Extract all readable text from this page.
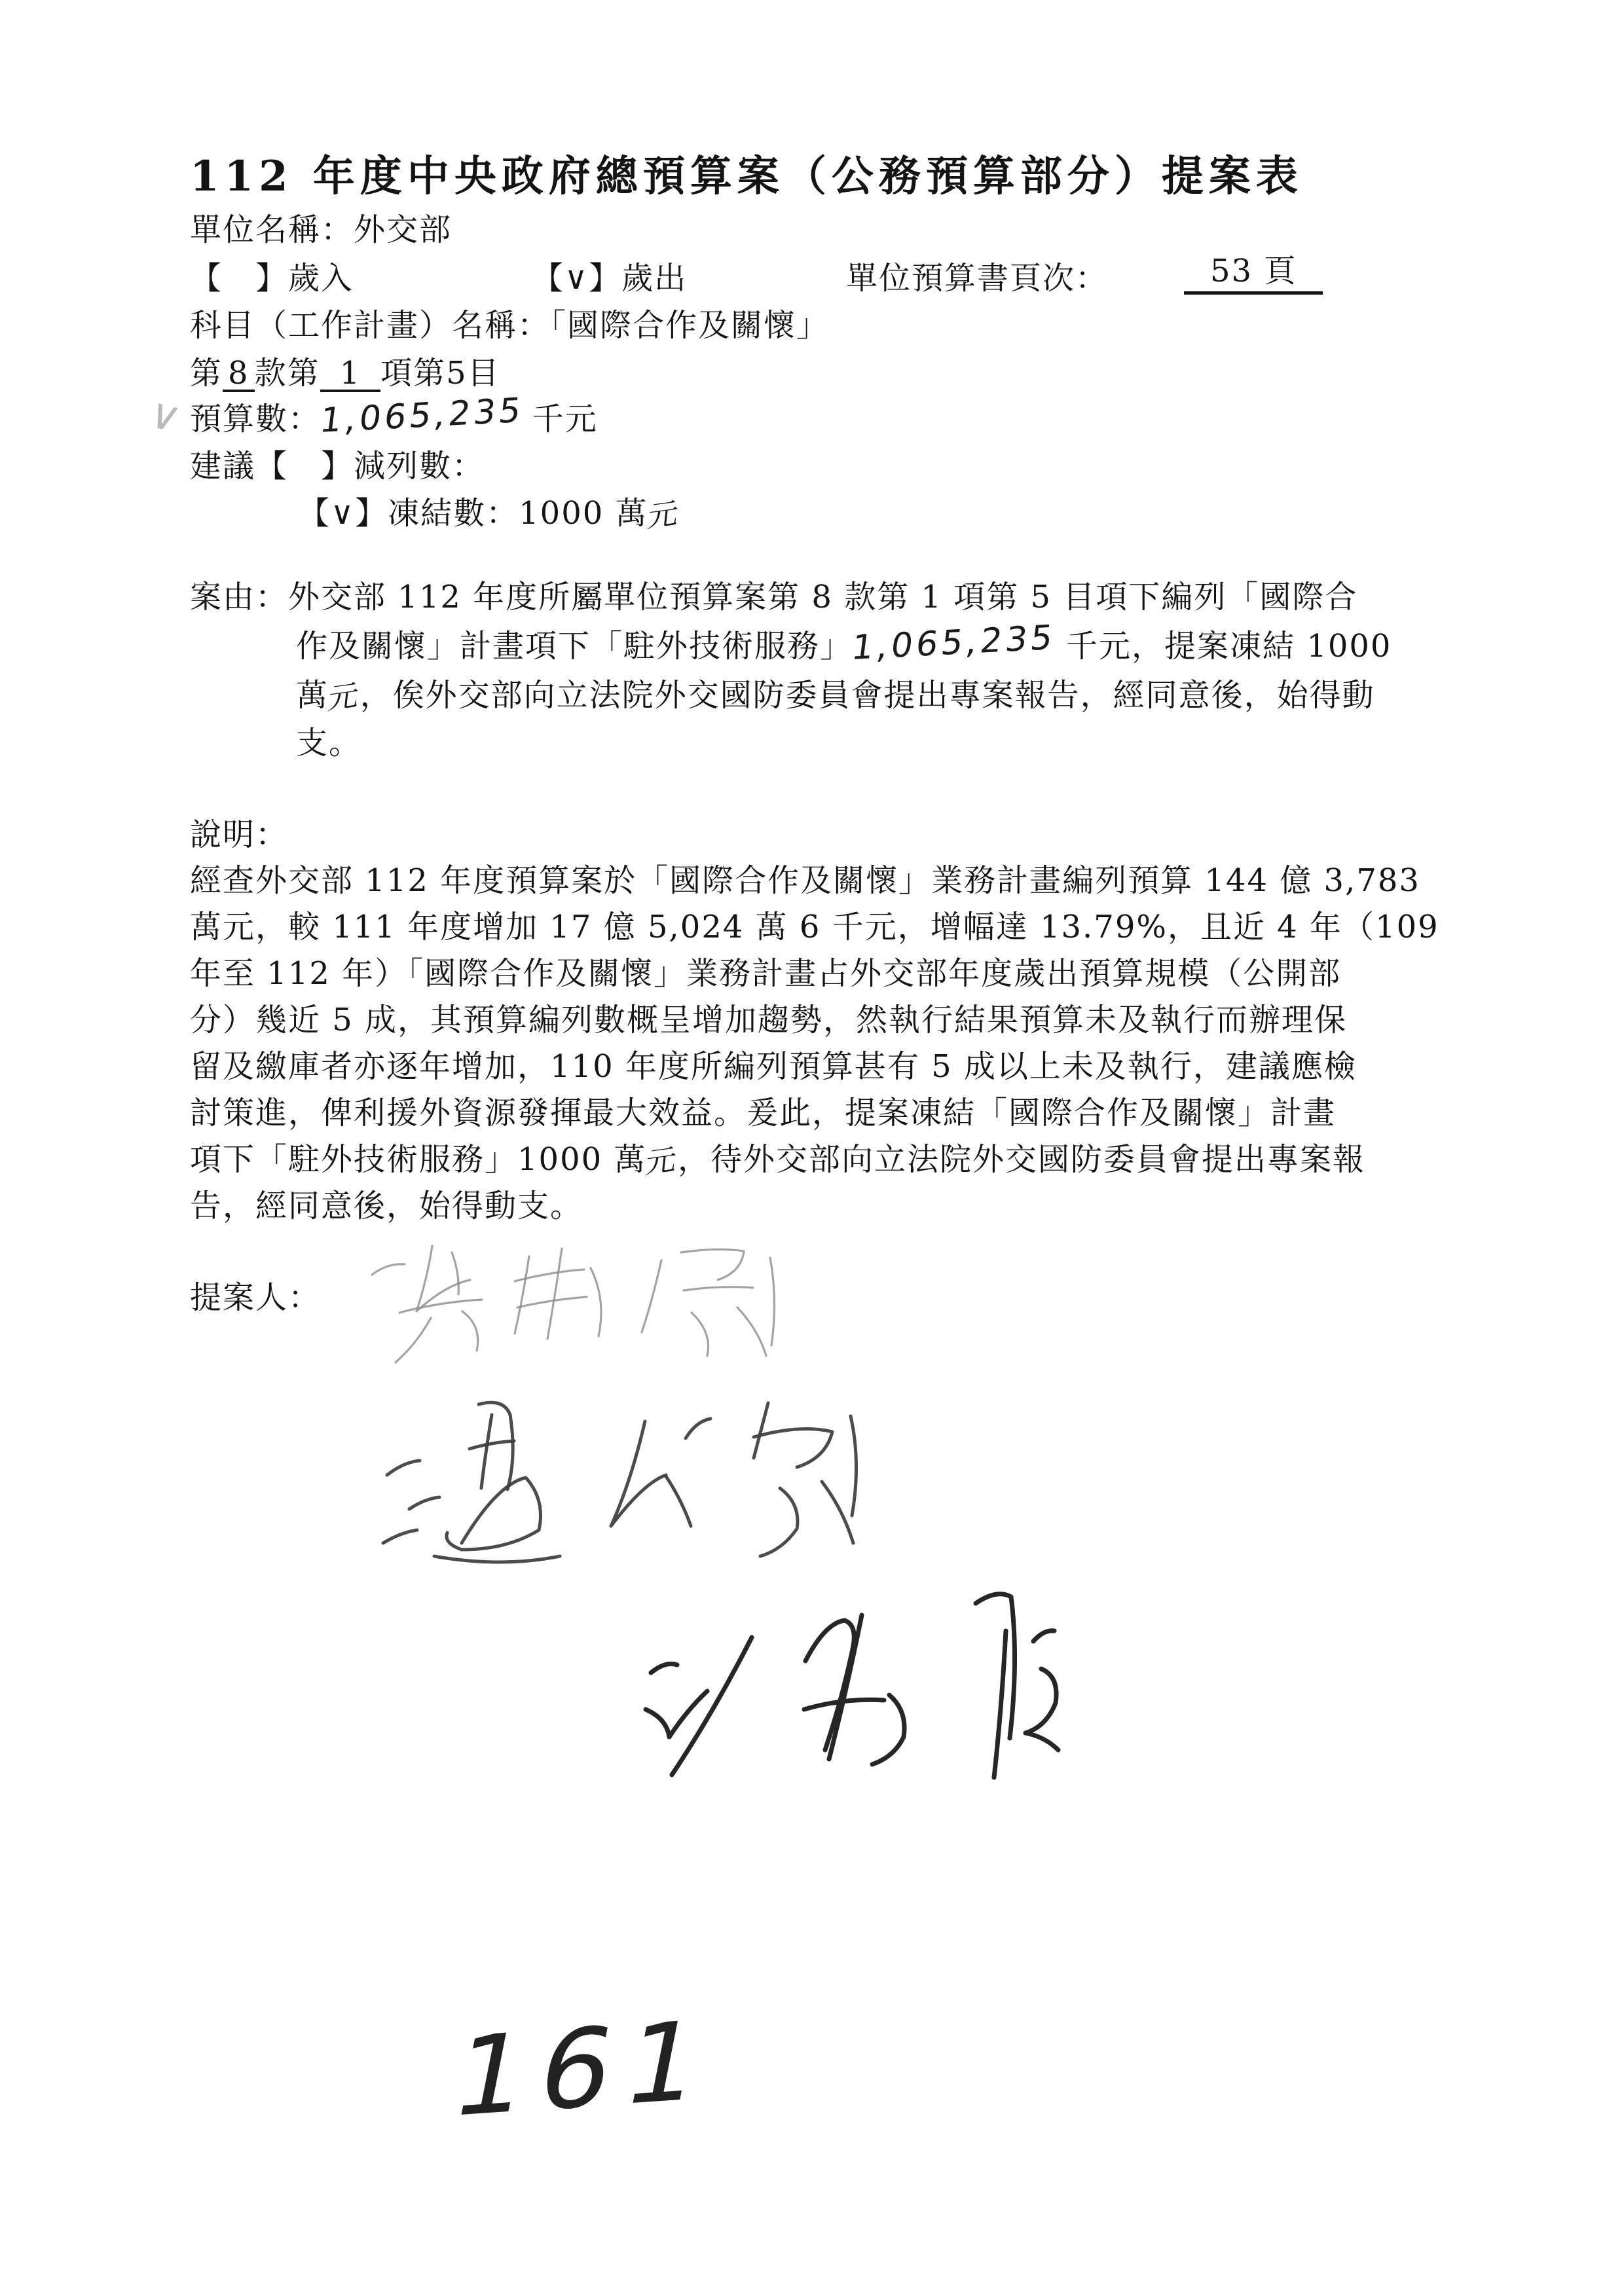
112 年度中央政府總預算案（公務預算部分）提案表
單位名稱：外交部
【　】歲入	【∨】歲出	單位預算書頁次：	53 頁
科目（工作計畫）名稱：「國際合作及關懷」
第 8 款第 1 項第5目
預算數：1,065,235 千元
建議【　】減列數：
【∨】凍結數：1000 萬元
案由：外交部 112 年度所屬單位預算案第 8 款第 1 項第 5 目項下編列「國際合
作及關懷」計畫項下「駐外技術服務」1,065,235 千元，提案凍結 1000
萬元，俟外交部向立法院外交國防委員會提出專案報告，經同意後，始得動
支。
說明：
經查外交部 112 年度預算案於「國際合作及關懷」業務計畫編列預算 144 億 3,783
萬元，較 111 年度增加 17 億 5,024 萬 6 千元，增幅達 13.79%，且近 4 年（109
年至 112 年）「國際合作及關懷」業務計畫占外交部年度歲出預算規模（公開部
分）幾近 5 成，其預算編列數概呈增加趨勢，然執行結果預算未及執行而辦理保
留及繳庫者亦逐年增加，110 年度所編列預算甚有 5 成以上未及執行，建議應檢
討策進，俾利援外資源發揮最大效益。爰此，提案凍結「國際合作及關懷」計畫
項下「駐外技術服務」1000 萬元，待外交部向立法院外交國防委員會提出專案報
告，經同意後，始得動支。
提案人：
∨
161
